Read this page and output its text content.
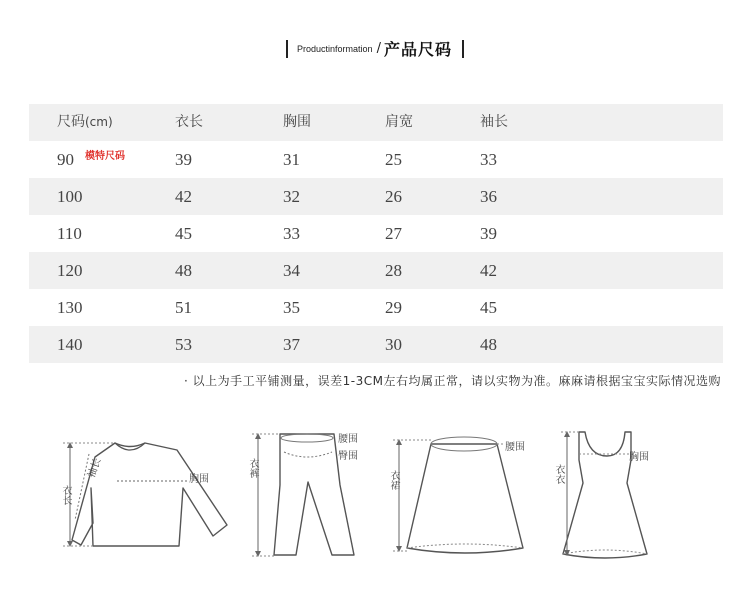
Productinformation / 产品尺码
尺码(cm)	衣长	胸围	肩宽	袖长
90	39	31	25	33
100	42	32	26	36
110	45	33	27	39
120	48	34	28	42
130	51	35	29	45
140	53	37	30	48
模特尺码
· 以上为手工平铺测量，误差1-3CM左右均属正常，请以实物为准。麻麻请根据宝宝实际情况选购
衣长
袖长
胸围
衣裤
腰围
臀围
衣裙
腰围
衣衣
胸围
